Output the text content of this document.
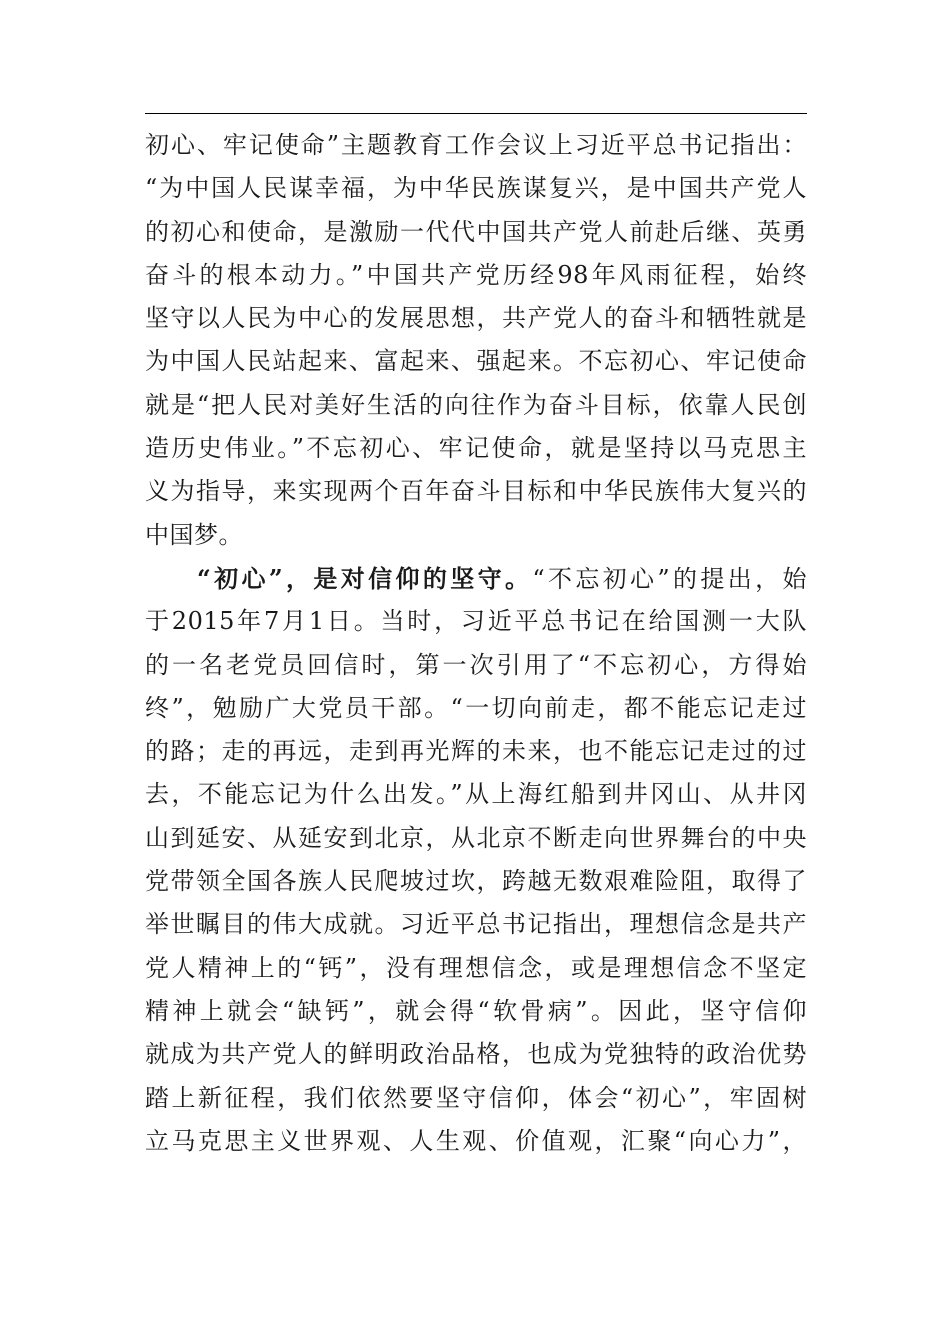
初心、牢记使命”主题教育工作会议上习近平总书记指出：
“为中国人民谋幸福，为中华民族谋复兴，是中国共产党人
的初心和使命，是激励一代代中国共产党人前赴后继、英勇
奋斗的根本动力。”中国共产党历经98年风雨征程，始终
坚守以人民为中心的发展思想，共产党人的奋斗和牺牲就是
为中国人民站起来、富起来、强起来。不忘初心、牢记使命
就是“把人民对美好生活的向往作为奋斗目标，依靠人民创
造历史伟业。”不忘初心、牢记使命，就是坚持以马克思主
义为指导，来实现两个百年奋斗目标和中华民族伟大复兴的
中国梦。
“初心”，是对信仰的坚守。“不忘初心”的提出，始
于2015年7月1日。当时，习近平总书记在给国测一大队
的一名老党员回信时，第一次引用了“不忘初心，方得始
终”，勉励广大党员干部。“一切向前走，都不能忘记走过
的路；走的再远，走到再光辉的未来，也不能忘记走过的过
去，不能忘记为什么出发。”从上海红船到井冈山、从井冈
山到延安、从延安到北京，从北京不断走向世界舞台的中央
党带领全国各族人民爬坡过坎，跨越无数艰难险阻，取得了
举世瞩目的伟大成就。习近平总书记指出，理想信念是共产
党人精神上的“钙”，没有理想信念，或是理想信念不坚定
精神上就会“缺钙”，就会得“软骨病”。因此，坚守信仰
就成为共产党人的鲜明政治品格，也成为党独特的政治优势
踏上新征程，我们依然要坚守信仰，体会“初心”，牢固树
立马克思主义世界观、人生观、价值观，汇聚“向心力”，
